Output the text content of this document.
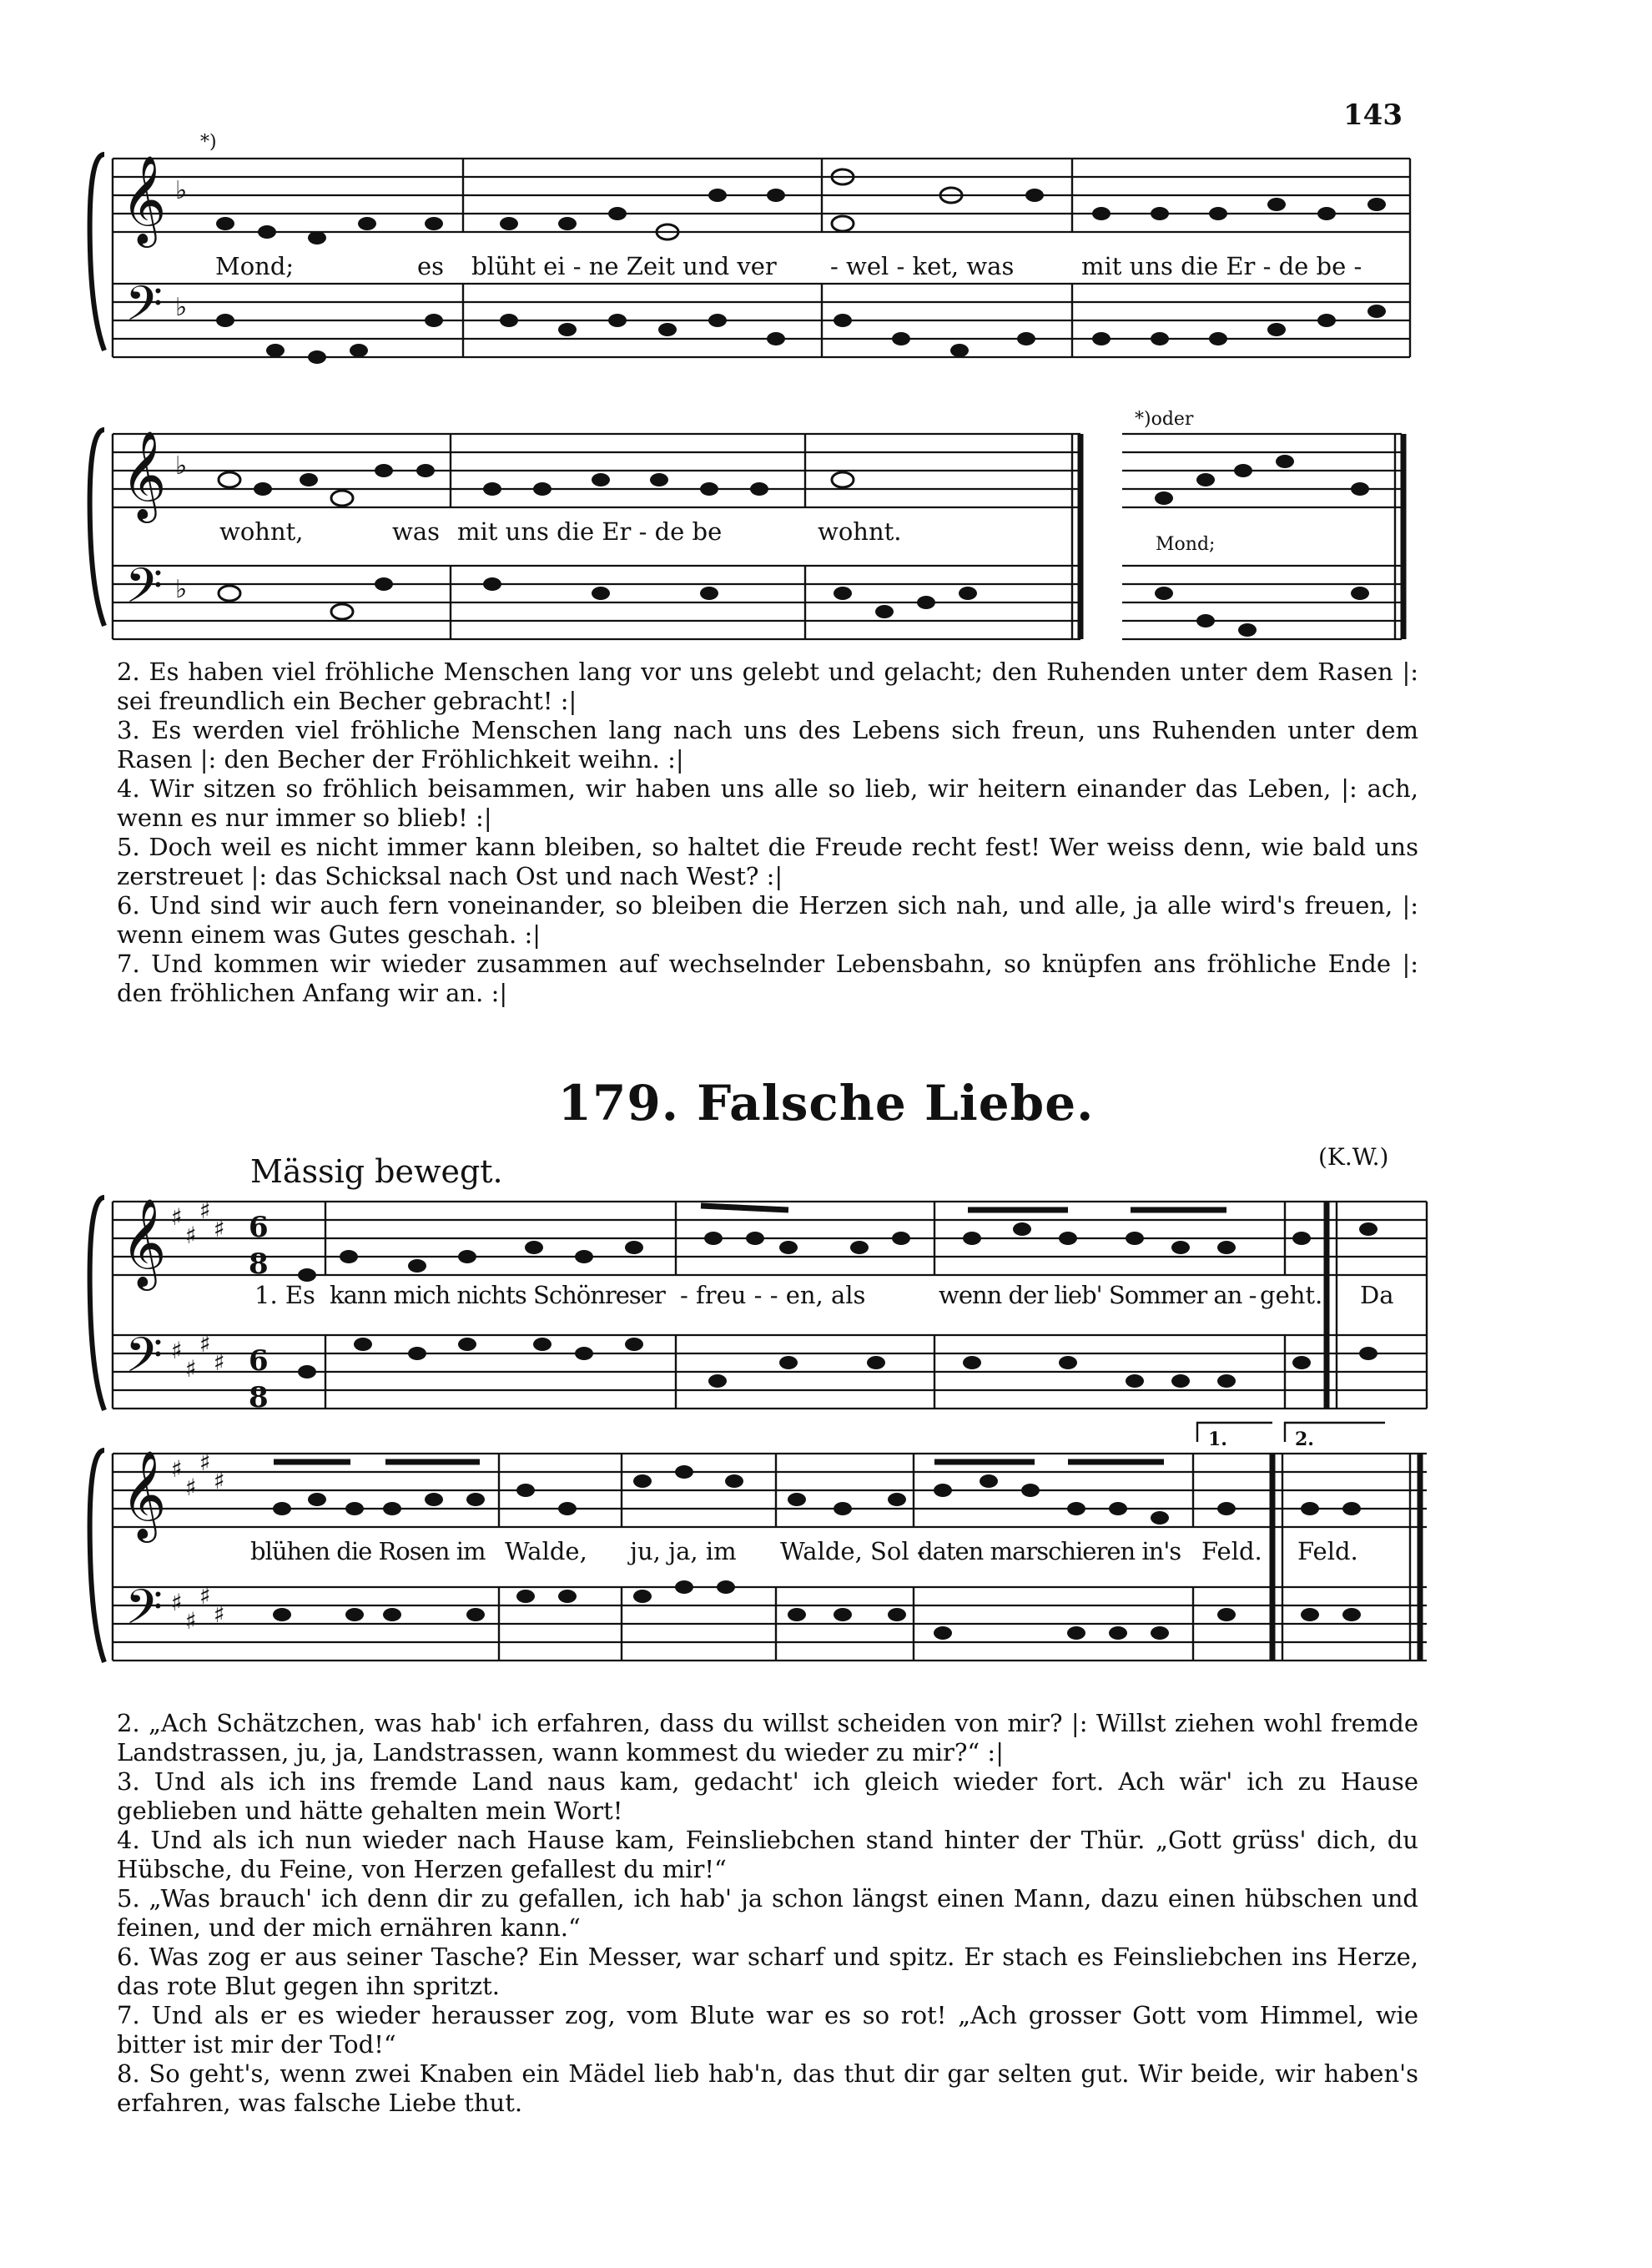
143
𝄞
𝄢
♭
♭
*)
Mond;	es blüht ei - ne Zeit und ver - wel - ket, was	mit uns die Er - de be -
𝄞
𝄢
♭
♭
*)oder
Mond;
wohnt,	was mit uns die Er - de be	wohnt.

2. Es haben viel fröhliche Menschen lang vor uns gelebt und gelacht; den Ruhenden unter dem Rasen |: sei freundlich ein Becher gebracht! :|

3. Es werden viel fröhliche Menschen lang nach uns des Lebens sich freun, uns Ruhenden unter dem Rasen |: den Becher der Fröhlichkeit weihn. :|

4. Wir sitzen so fröhlich beisammen, wir haben uns alle so lieb, wir heitern einander das Leben, |: ach, wenn es nur immer so blieb! :|

5. Doch weil es nicht immer kann bleiben, so haltet die Freude recht fest! Wer weiss denn, wie bald uns zerstreuet |: das Schicksal nach Ost und nach West? :|

6. Und sind wir auch fern voneinander, so bleiben die Herzen sich nah, und alle, ja alle wird's freuen, |: wenn einem was Gutes geschah. :|

7. Und kommen wir wieder zusammen auf wechselnder Lebensbahn, so knüpfen ans fröhliche Ende |: den fröhlichen Anfang wir an. :|

179. Falsche Liebe.
Mässig bewegt.	(K.W.)
𝄞
𝄢
♯
♯
♯
♯
♯
♯
♯
♯
6
8
6
8
1. Es kann mich nichts Schönreser - freu - - en, als	wenn der lieb' Sommer an - geht. Da
𝄞
𝄢
♯
♯
♯
♯
♯
♯
♯
♯
1.	2.
blühen die Rosen im Walde, ju, ja, im Walde, Sol -
daten marschieren in's Feld. Feld.

2. „Ach Schätzchen, was hab' ich erfahren, dass du willst scheiden von mir? |: Willst ziehen wohl fremde Landstrassen, ju, ja, Landstrassen, wann kommest du wieder zu mir?“ :|

3. Und als ich ins fremde Land naus kam, gedacht' ich gleich wieder fort. Ach wär' ich zu Hause geblieben und hätte gehalten mein Wort!

4. Und als ich nun wieder nach Hause kam, Feinsliebchen stand hinter der Thür. „Gott grüss' dich, du Hübsche, du Feine, von Herzen gefallest du mir!“

5. „Was brauch' ich denn dir zu gefallen, ich hab' ja schon längst einen Mann, dazu einen hübschen und feinen, und der mich ernähren kann.“

6. Was zog er aus seiner Tasche? Ein Messer, war scharf und spitz. Er stach es Feinsliebchen ins Herze, das rote Blut gegen ihn spritzt.

7. Und als er es wieder herausser zog, vom Blute war es so rot! „Ach grosser Gott vom Himmel, wie bitter ist mir der Tod!“

8. So geht's, wenn zwei Knaben ein Mädel lieb hab'n, das thut dir gar selten gut. Wir beide, wir haben's erfahren, was falsche Liebe thut.
